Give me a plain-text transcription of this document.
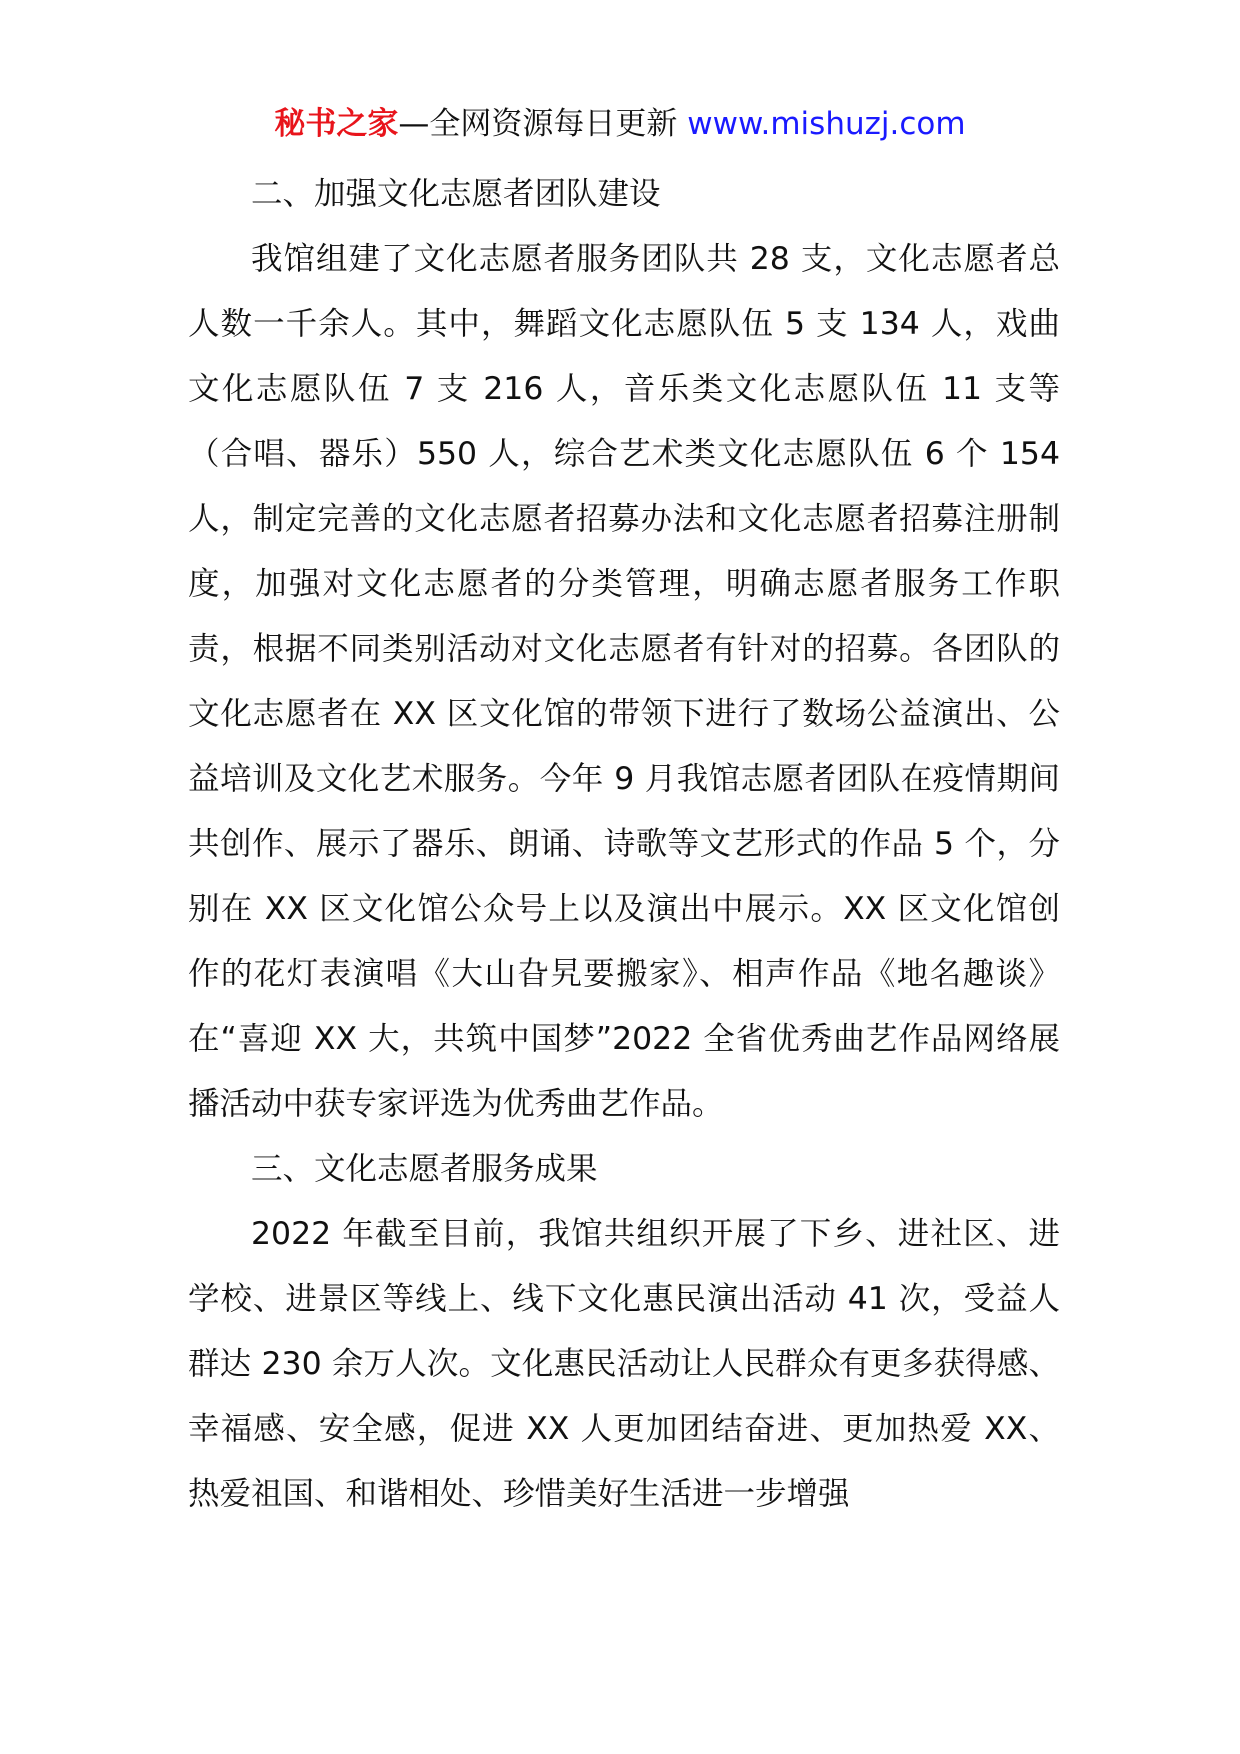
秘书之家—全网资源每日更新 www.mishuzj.com

二、加强文化志愿者团队建设

我馆组建了文化志愿者服务团队共 28 支，文化志愿者总人数一千余人。其中，舞蹈文化志愿队伍 5 支 134 人，戏曲文化志愿队伍 7 支 216 人，音乐类文化志愿队伍 11 支等（合唱、器乐）550 人，综合艺术类文化志愿队伍 6 个 154 人，制定完善的文化志愿者招募办法和文化志愿者招募注册制度，加强对文化志愿者的分类管理，明确志愿者服务工作职责，根据不同类别活动对文化志愿者有针对的招募。各团队的文化志愿者在 XX 区文化馆的带领下进行了数场公益演出、公益培训及文化艺术服务。今年 9 月我馆志愿者团队在疫情期间共创作、展示了器乐、朗诵、诗歌等文艺形式的作品 5 个，分别在 XX 区文化馆公众号上以及演出中展示。XX 区文化馆创作的花灯表演唱《大山旮旯要搬家》、相声作品《地名趣谈》在“喜迎 XX 大，共筑中国梦”2022 全省优秀曲艺作品网络展播活动中获专家评选为优秀曲艺作品。

三、文化志愿者服务成果

2022 年截至目前，我馆共组织开展了下乡、进社区、进学校、进景区等线上、线下文化惠民演出活动 41 次，受益人群达 230 余万人次。文化惠民活动让人民群众有更多获得感、幸福感、安全感，促进 XX 人更加团结奋进、更加热爱 XX、热爱祖国、和谐相处、珍惜美好生活进一步增强
